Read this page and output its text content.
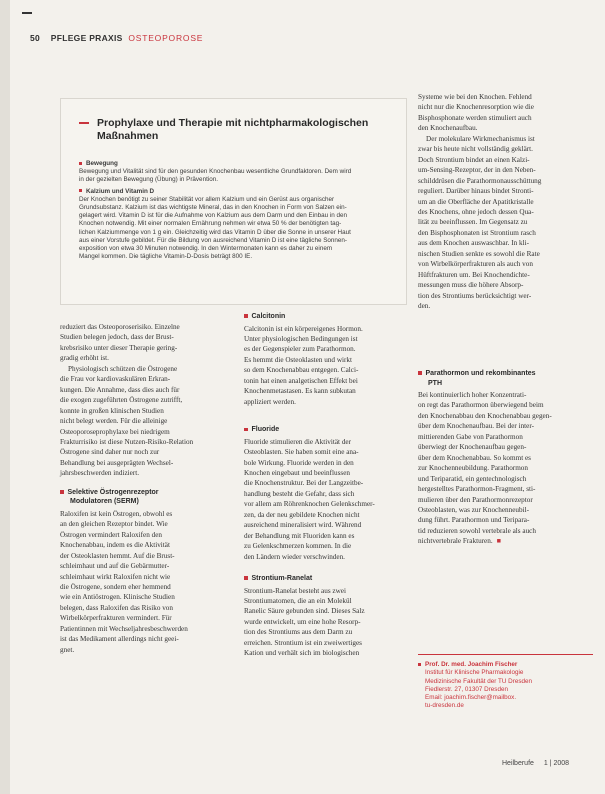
50 PFLEGE PRAXIS OSTEOPOROSE
Prophylaxe und Therapie mit nichtpharmakologischen
Maßnahmen
Bewegung

Bewegung und Vitalität sind für den gesunden Knochenbau wesentliche Grundfaktoren. Dem wird

in der gezielten Bewegung (Übung) in Prävention.

Kalzium und Vitamin D

Der Knochen benötigt zu seiner Stabilität vor allem Kalzium und ein Gerüst aus organischer

Grundsubstanz. Kalzium ist das wichtigste Mineral, das in den Knochen in Form von Salzen ein-

gelagert wird. Vitamin D ist für die Aufnahme von Kalzium aus dem Darm und den Einbau in den

Knochen notwendig. Mit einer normalen Ernährung nehmen wir etwa 50 % der benötigten tag-

lichen Kalziummenge von 1 g ein. Gleichzeitig wird das Vitamin D über die Sonne in unserer Haut

aus einer Vorstufe gebildet. Für die Bildung von ausreichend Vitamin D ist eine tägliche Sonnen-

exposition von etwa 30 Minuten notwendig. In den Wintermonaten kann es daher zu einem

Mangel kommen. Die tägliche Vitamin-D-Dosis beträgt 800 IE.

Systeme wie bei den Knochen. Fehlend

nicht nur die Knochenresorption wie die

Bisphosphonate werden stimuliert auch

den Knochenaufbau.

Der molekulare Wirkmechanismus ist

zwar bis heute nicht vollständig geklärt.

Doch Strontium bindet an einen Kalzi-

um-Sensing-Rezeptor, der in den Neben-

schilddrüsen die Parathormonausschüttung

reguliert. Darüber hinaus bindet Stronti-

um an die Oberfläche der Apatitkristalle

des Knochens, ohne jedoch dessen Qua-

lität zu beeinflussen. Im Gegensatz zu

den Bisphosphonaten ist Strontium rasch

aus dem Knochen auswaschbar. In kli-

nischen Studien senkte es sowohl die Rate

von Wirbelkörperfrakturen als auch von

Hüftfrakturen um. Bei Knochendichte-

messungen muss die höhere Absorp-

tion des Strontiums berücksichtigt wer-

den.

reduziert das Osteoporoserisiko. Einzelne

Studien belegen jedoch, dass der Brust-

krebsrisiko unter dieser Therapie gering-

gradig erhöht ist.

Physiologisch schützen die Östrogene

die Frau vor kardiovaskulären Erkran-

kungen. Die Annahme, dass dies auch für

die exogen zugeführten Östrogene zutrifft,

konnte in großen klinischen Studien

nicht belegt werden. Für die alleinige

Osteoporoseprophylaxe bei niedrigem

Frakturrisiko ist diese Nutzen-Risiko-Relation

Östrogene sind daher nur noch zur

Behandlung bei ausgeprägten Wechsel-

jahrsbeschwerden indiziert.

Selektive Östrogenrezeptor
Modulatoren (SERM)

Raloxifen ist kein Östrogen, obwohl es

an den gleichen Rezeptor bindet. Wie

Östrogen vermindert Raloxifen den

Knochenabbau, indem es die Aktivität

der Osteoklasten hemmt. Auf die Brust-

schleimhaut und auf die Gebärmutter-

schleimhaut wirkt Raloxifen nicht wie

die Östrogene, sondern eher hemmend

wie ein Antiöstrogen. Klinische Studien

belegen, dass Raloxifen das Risiko von

Wirbelkörperfrakturen vermindert. Für

Patientinnen mit Wechseljahresbeschwerden

ist das Medikament allerdings nicht geei-

gnet.

Calcitonin

Calcitonin ist ein körpereigenes Hormon.

Unter physiologischen Bedingungen ist

es der Gegenspieler zum Parathormon.

Es hemmt die Osteoklasten und wirkt

so dem Knochenabbau entgegen. Calci-

tonin hat einen analgetischen Effekt bei

Knochenmetastasen. Es kann subkutan

appliziert werden.

Fluoride

Fluoride stimulieren die Aktivität der

Osteoblasten. Sie haben somit eine ana-

bole Wirkung. Fluoride werden in den

Knochen eingebaut und beeinflussen

die Knochenstruktur. Bei der Langzeitbe-

handlung besteht die Gefahr, dass sich

vor allem am Röhrenknochen Gelenkschmer-

zen, da der neu gebildete Knochen nicht

ausreichend mineralisiert wird. Während

der Behandlung mit Fluoriden kann es

zu Gelenkschmerzen kommen. In die

den Ländern wieder verschwinden.

Strontium-Ranelat

Strontium-Ranelat besteht aus zwei

Strontiumatomen, die an ein Molekül

Ranelic Säure gebunden sind. Dieses Salz

wurde entwickelt, um eine hohe Resorp-

tion des Strontiums aus dem Darm zu

erreichen. Strontium ist ein zweiwertiges

Kation und verhält sich im biologischen

Parathormon und rekombinantes
PTH

Bei kontinuierlich hoher Konzentrati-

on regt das Parathormon überwiegend beim

den Knochenabbau den Knochenabbau gegen-

über dem Knochenaufbau. Bei der inter-

mittierenden Gabe von Parathormon

überwiegt der Knochenaufbau gegen-

über dem Knochenabbau. So kommt es

zur Knochenneubildung. Parathormon

und Teriparatid, ein gentechnologisch

hergestelltes Parathormon-Fragment, sti-

mulieren über den Parathormonrezeptor

Osteoblasten, was zur Knochenneubil-

dung führt. Parathormon und Teripara-

tid reduzieren sowohl vertebrale als auch

nichtvertebrale Frakturen. ■

Prof. Dr. med. Joachim Fischer
Institut für Klinische Pharmakologie
Medizinische Fakultät der TU Dresden
Fiedlerstr. 27, 01307 Dresden
Email: joachim.fischer@mailbox.
tu-dresden.de
Heilberufe 1 | 2008
